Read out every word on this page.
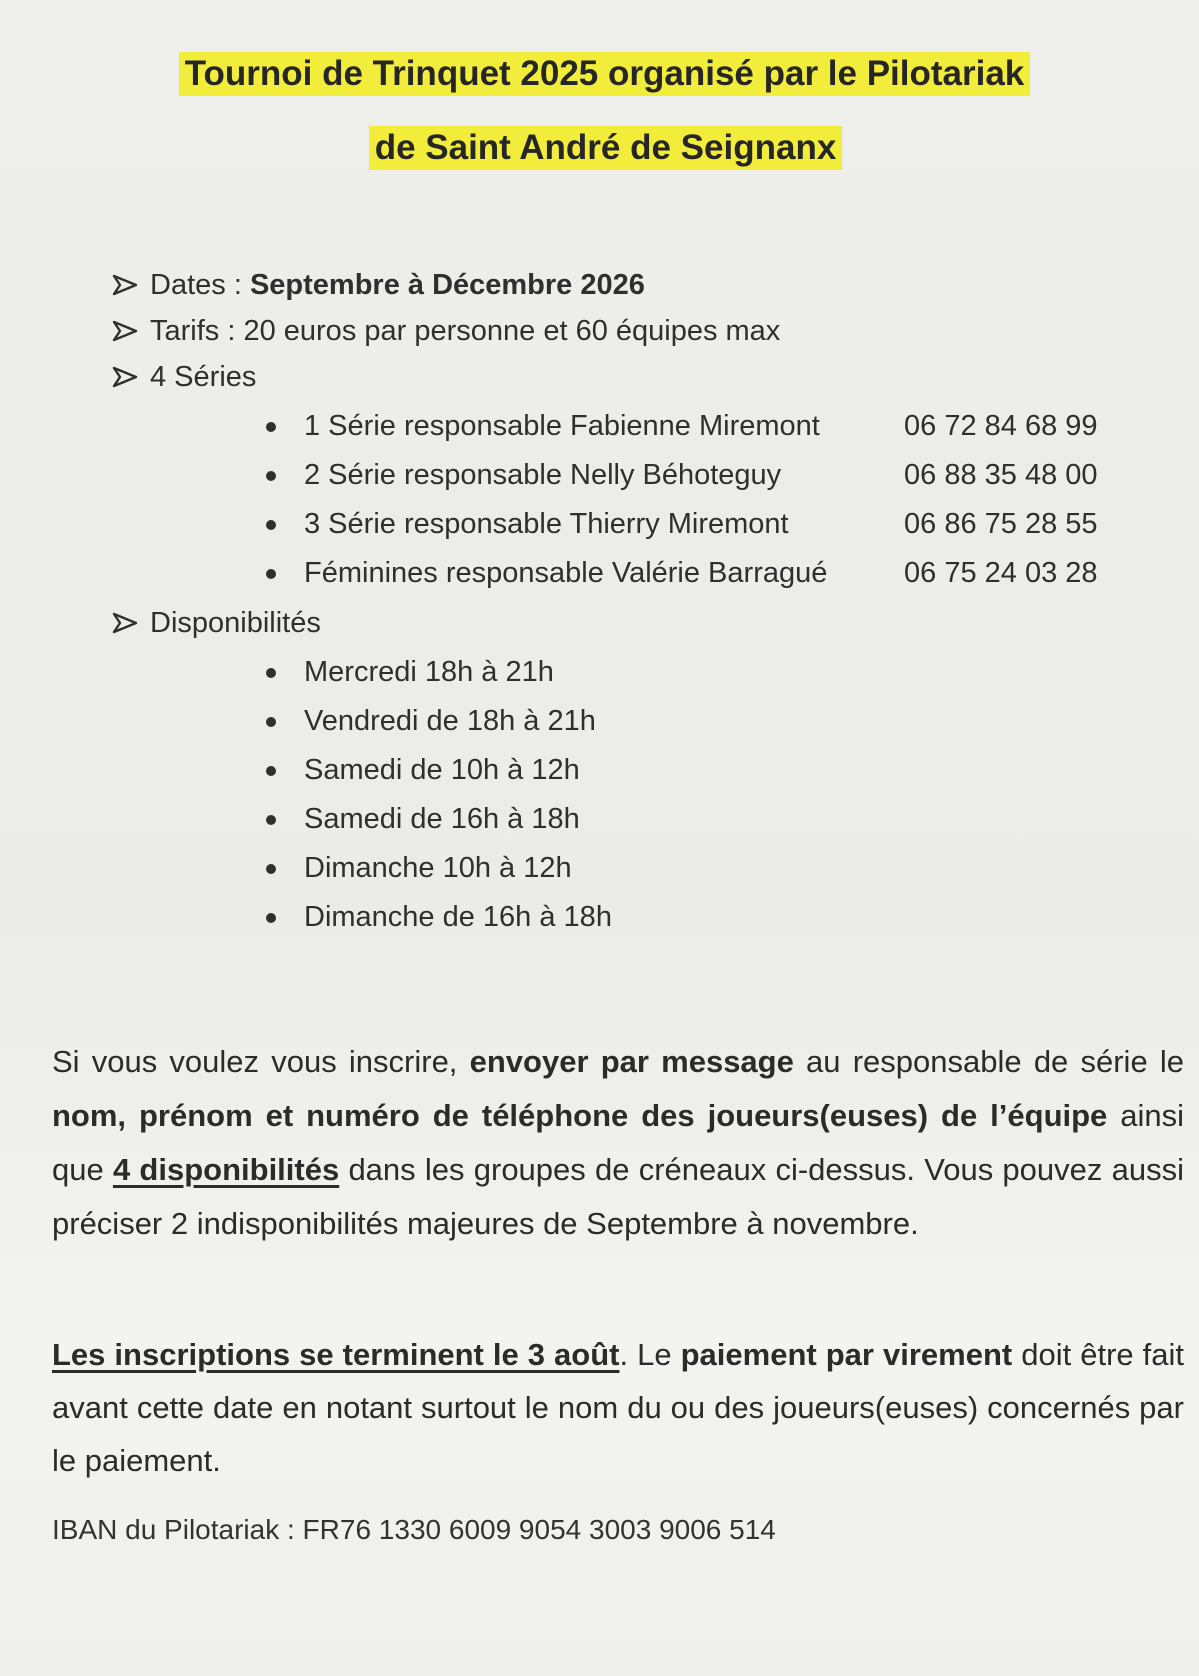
Tournoi de Trinquet 2025 organisé par le Pilotariak
de Saint André de Seignanx
Dates :
Septembre à Décembre 2026
Tarifs : 20 euros par personne et 60 équipes max
4 Séries
1 Série responsable Fabienne Miremont	06 72 84 68 99
2 Série responsable Nelly Béhoteguy	06 88 35 48 00
3 Série responsable Thierry Miremont	06 86 75 28 55
Féminines responsable Valérie Barragué	06 75 24 03 28
Disponibilités
Mercredi 18h à 21h
Vendredi de 18h à 21h
Samedi de 10h à 12h
Samedi de 16h à 18h
Dimanche 10h à 12h
Dimanche de 16h à 18h
Si vous voulez vous inscrire, envoyer par message au responsable de série le nom, prénom et numéro de téléphone des joueurs(euses) de l’équipe ainsi que 4 disponibilités dans les groupes de créneaux ci-dessus. Vous pouvez aussi préciser 2 indisponibilités majeures de Septembre à novembre.
Les inscriptions se terminent le 3 août. Le paiement par virement doit être fait avant cette date en notant surtout le nom du ou des joueurs(euses) concernés par le paiement.
IBAN du Pilotariak : FR76 1330 6009 9054 3003 9006 514
